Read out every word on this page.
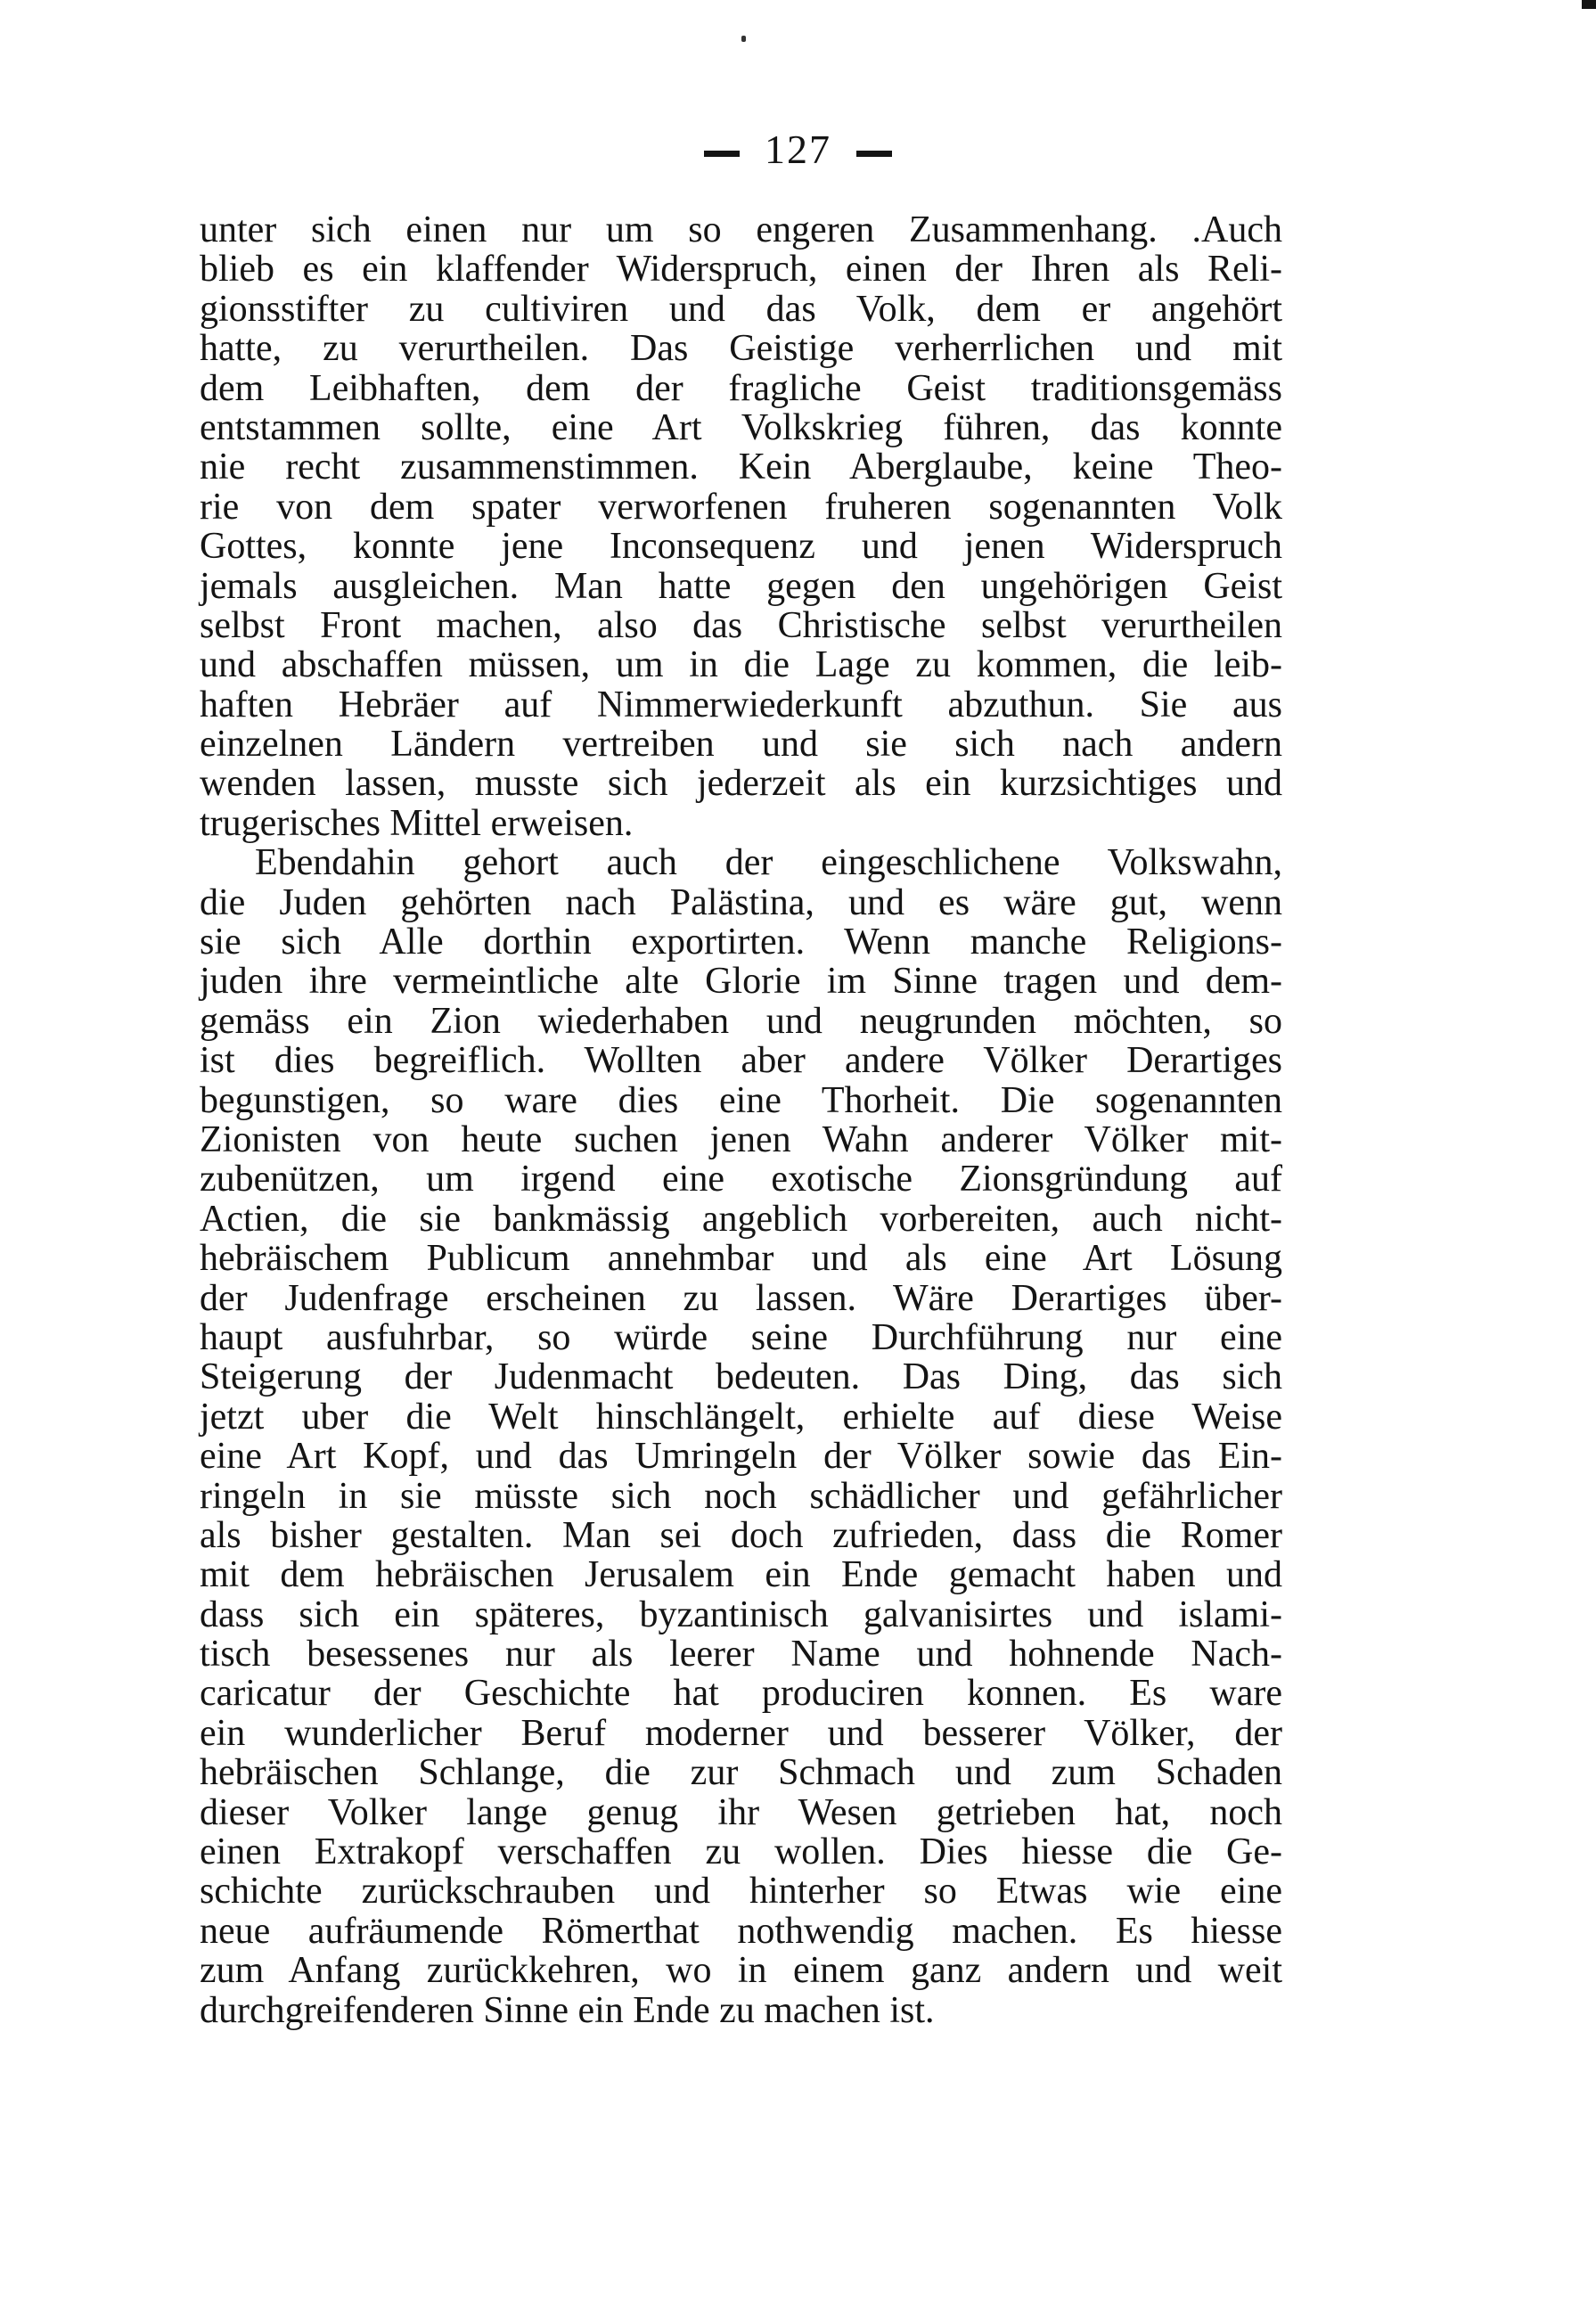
127
unter sich einen nur um so engeren Zusammenhang. .Auch
blieb es ein klaffender Widerspruch, einen der Ihren als Reli-
gionsstifter zu cultiviren und das Volk, dem er angehört
hatte, zu verurtheilen. Das Geistige verherrlichen und mit
dem Leibhaften, dem der fragliche Geist traditionsgemäss
entstammen sollte, eine Art Volkskrieg führen, das konnte
nie recht zusammenstimmen. Kein Aberglaube, keine Theo-
rie von dem spater verworfenen fruheren sogenannten Volk
Gottes, konnte jene Inconsequenz und jenen Widerspruch
jemals ausgleichen. Man hatte gegen den ungehörigen Geist
selbst Front machen, also das Christische selbst verurtheilen
und abschaffen müssen, um in die Lage zu kommen, die leib-
haften Hebräer auf Nimmerwiederkunft abzuthun. Sie aus
einzelnen Ländern vertreiben und sie sich nach andern
wenden lassen, musste sich jederzeit als ein kurzsichtiges und
trugerisches Mittel erweisen.
Ebendahin gehort auch der eingeschlichene Volkswahn,
die Juden gehörten nach Palästina, und es wäre gut, wenn
sie sich Alle dorthin exportirten. Wenn manche Religions-
juden ihre vermeintliche alte Glorie im Sinne tragen und dem-
gemäss ein Zion wiederhaben und neugrunden möchten, so
ist dies begreiflich. Wollten aber andere Völker Derartiges
begunstigen, so ware dies eine Thorheit. Die sogenannten
Zionisten von heute suchen jenen Wahn anderer Völker mit-
zubenützen, um irgend eine exotische Zionsgründung auf
Actien, die sie bankmässig angeblich vorbereiten, auch nicht-
hebräischem Publicum annehmbar und als eine Art Lösung
der Judenfrage erscheinen zu lassen. Wäre Derartiges über-
haupt ausfuhrbar, so würde seine Durchführung nur eine
Steigerung der Judenmacht bedeuten. Das Ding, das sich
jetzt uber die Welt hinschlängelt, erhielte auf diese Weise
eine Art Kopf, und das Umringeln der Völker sowie das Ein-
ringeln in sie müsste sich noch schädlicher und gefährlicher
als bisher gestalten. Man sei doch zufrieden, dass die Romer
mit dem hebräischen Jerusalem ein Ende gemacht haben und
dass sich ein späteres, byzantinisch galvanisirtes und islami-
tisch besessenes nur als leerer Name und hohnende Nach-
caricatur der Geschichte hat produciren konnen. Es ware
ein wunderlicher Beruf moderner und besserer Völker, der
hebräischen Schlange, die zur Schmach und zum Schaden
dieser Volker lange genug ihr Wesen getrieben hat, noch
einen Extrakopf verschaffen zu wollen. Dies hiesse die Ge-
schichte zurückschrauben und hinterher so Etwas wie eine
neue aufräumende Römerthat nothwendig machen. Es hiesse
zum Anfang zurückkehren, wo in einem ganz andern und weit
durchgreifenderen Sinne ein Ende zu machen ist.
